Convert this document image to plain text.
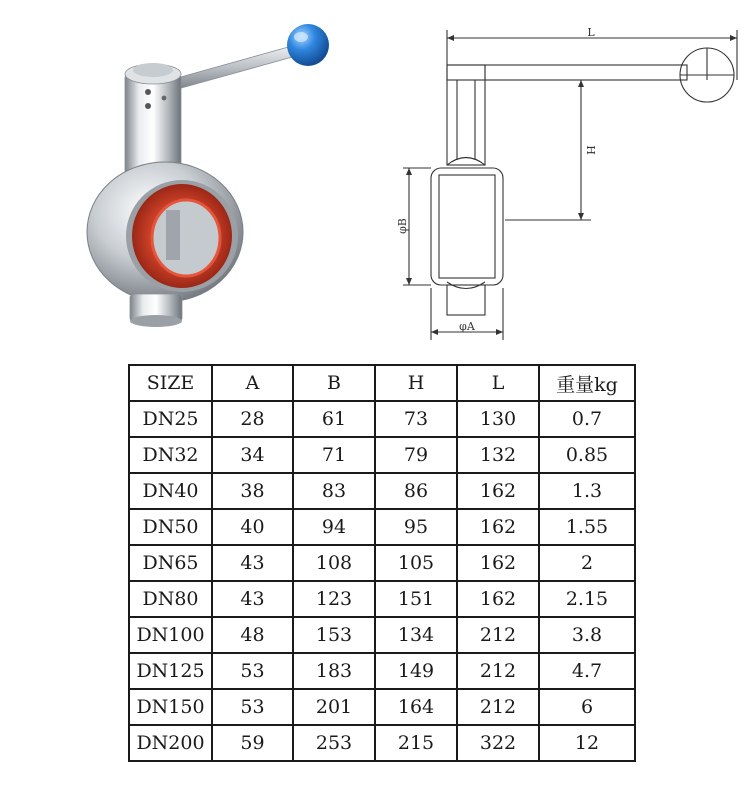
L
H
φB
φA
SIZE	A	B	H	L	重量kg
DN25	28	61	73	130	0.7
DN32	34	71	79	132	0.85
DN40	38	83	86	162	1.3
DN50	40	94	95	162	1.55
DN65	43	108	105	162	2
DN80	43	123	151	162	2.15
DN100	48	153	134	212	3.8
DN125	53	183	149	212	4.7
DN150	53	201	164	212	6
DN200	59	253	215	322	12
